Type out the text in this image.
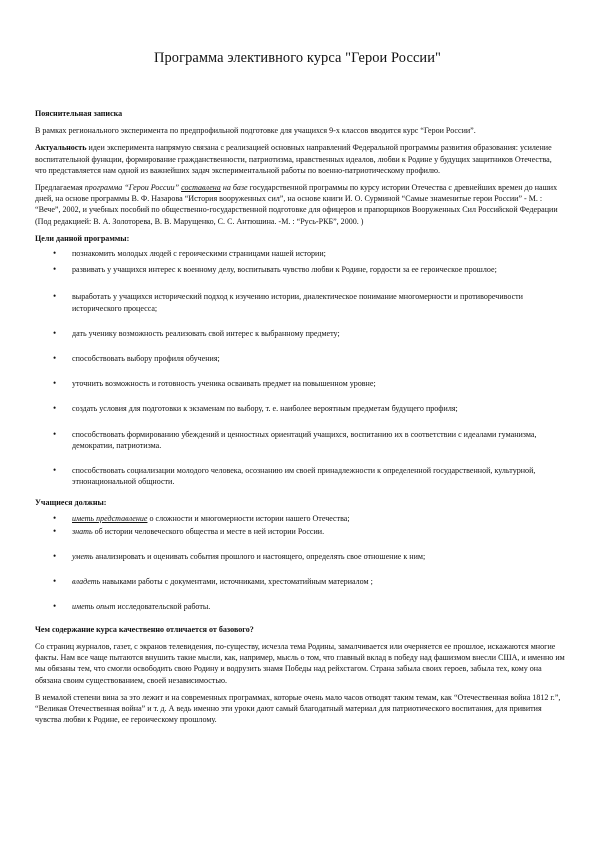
Программа элективного курса "Герои России"

Пояснительная записка

В рамках регионального эксперимента по предпрофильной подготовке для учащихся 9-х классов вводится курс “Герои России”.

Актуальность идеи эксперимента напрямую связана с реализацией основных направлений Федеральной программы развития образования: усиление воспитательной функции, формирование гражданственности, патриотизма, нравственных идеалов, любви к Родине у будущих защитников Отечества, что представляется нам одной из важнейших задач экспериментальной работы по военно-патриотическому профилю.

Предлагаемая программа “Герои России” составлена на базе государственной программы по курсу истории Отечества с древнейших времен до наших дней, на основе программы В. Ф. Назарова “История вооруженных сил”, на основе книги И. О. Сурминой “Самые знаменитые герои России” - М. : “Вече”, 2002, и учебных пособий по общественно-государственной подготовке для офицеров и прапорщиков Вооруженных Сил Российской Федерации (Под редакцией: В. А. Золоторева, В. В. Марущенко, С. С. Антюшина. -М. : “Русь-РКБ”, 2000. )

Цели данной программы:

• познакомить молодых людей с героическими страницами нашей истории;
• развивать у учащихся интерес к военному делу, воспитывать чувство любви к Родине, гордости за ее героическое прошлое;
• выработать у учащихся исторический подход к изучению истории, диалектическое понимание многомерности и противоречивости исторического процесса;
• дать ученику возможность реализовать свой интерес к выбранному предмету;
• способствовать выбору профиля обучения;
• уточнить возможность и готовность ученика осваивать предмет на повышенном уровне;
• создать условия для подготовки к экзаменам по выбору, т. е. наиболее вероятным предметам будущего профиля;
• способствовать формированию убеждений и ценностных ориентаций учащихся, воспитанию их в соответствии с идеалами гуманизма, демократии, патриотизма.
• способствовать социализации молодого человека, осознанию им своей принадлежности к определенной государственной, культурной, этнонациональной общности.

Учащиеся должны:

• иметь представление о сложности и многомерности истории нашего Отечества;
• знать об истории человеческого общества и месте в ней истории России.
• уметь анализировать и оценивать события прошлого и настоящего, определять свое отношение к ним;
• владеть навыками работы с документами, источниками, хрестоматийным материалом ;
• иметь опыт исследовательской работы.

Чем содержание курса качественно отличается от базового?

Со страниц журналов, газет, с экранов телевидения, по-существу, исчезла тема Родины, замалчивается или очерняется ее прошлое, искажаются многие факты. Нам все чаще пытаются внушить такие мысли, как, например, мысль о том, что главный вклад в победу над фашизмом внесли США, и именно им мы обязаны тем, что смогли освободить свою Родину и водрузить знамя Победы над рейхстагом. Страна забыла своих героев, забыла тех, кому она обязана своим существованием, своей независимостью.

В немалой степени вина за это лежит и на современных программах, которые очень мало часов отводят таким темам, как “Отечественная война 1812 г.”, “Великая Отечественная война” и т. д. А ведь именно эти уроки дают самый благодатный материал для патриотического воспитания, для привития чувства любви к Родине, ее героическому прошлому.
